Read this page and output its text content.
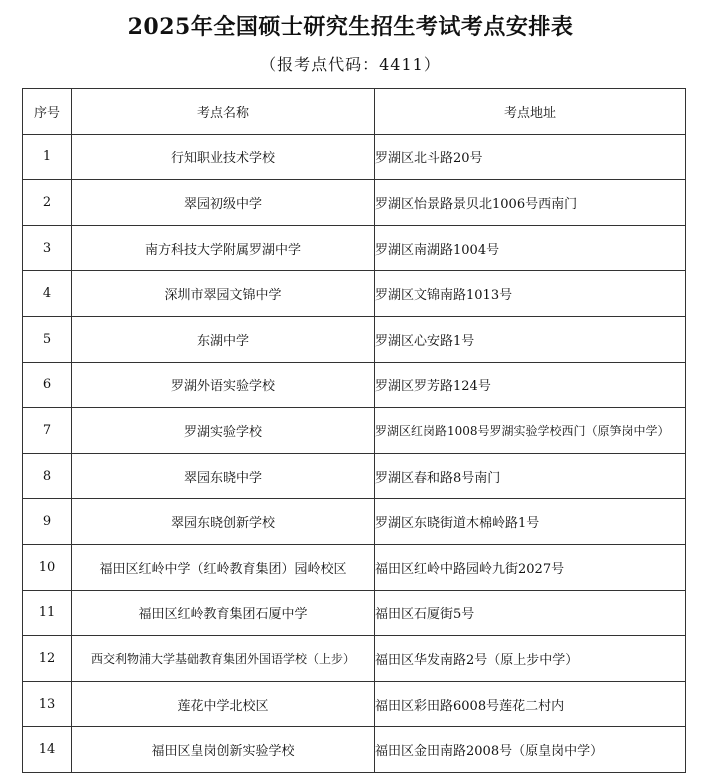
2025年全国硕士研究生招生考试考点安排表
（报考点代码：4411）
序号	考点名称	考点地址
1	行知职业技术学校	罗湖区北斗路20号
2	翠园初级中学	罗湖区怡景路景贝北1006号西南门
3	南方科技大学附属罗湖中学	罗湖区南湖路1004号
4	深圳市翠园文锦中学	罗湖区文锦南路1013号
5	东湖中学	罗湖区心安路1号
6	罗湖外语实验学校	罗湖区罗芳路124号
7	罗湖实验学校	罗湖区红岗路1008号罗湖实验学校西门（原笋岗中学）
8	翠园东晓中学	罗湖区春和路8号南门
9	翠园东晓创新学校	罗湖区东晓街道木棉岭路1号
10	福田区红岭中学（红岭教育集团）园岭校区	福田区红岭中路园岭九街2027号
11	福田区红岭教育集团石厦中学	福田区石厦街5号
12	西交利物浦大学基础教育集团外国语学校（上步）	福田区华发南路2号（原上步中学）
13	莲花中学北校区	福田区彩田路6008号莲花二村内
14	福田区皇岗创新实验学校	福田区金田南路2008号（原皇岗中学）
